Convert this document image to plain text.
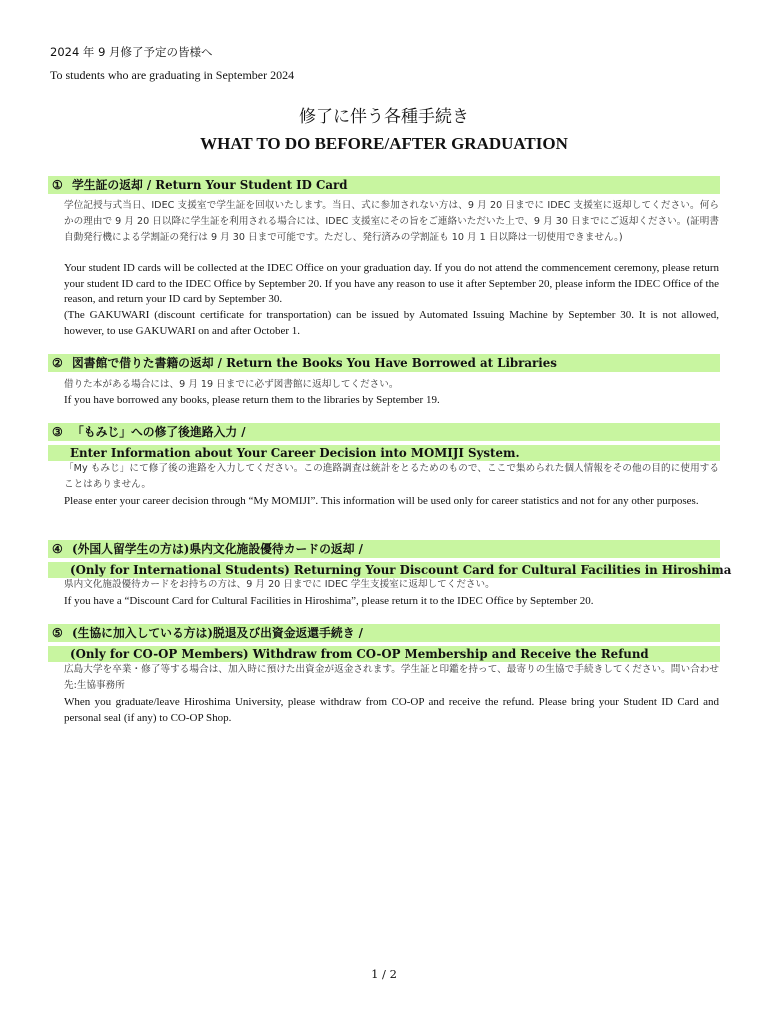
2024 年 9 月修了予定の皆様へ
To students who are graduating in September 2024
修了に伴う各種手続き
WHAT TO DO BEFORE/AFTER GRADUATION
① 学生証の返却 / Return Your Student ID Card
学位記授与式当日、IDEC 支援室で学生証を回収いたします。当日、式に参加されない方は、9 月 20 日までに IDEC 支援室に返却してください。何らかの理由で 9 月 20 日以降に学生証を利用される場合には、IDEC 支援室にその旨をご連絡いただいた上で、9 月 30 日までにご返却ください。(証明書自動発行機による学割証の発行は 9 月 30 日まで可能です。ただし、発行済みの学割証も 10 月 1 日以降は一切使用できません。)
Your student ID cards will be collected at the IDEC Office on your graduation day. If you do not attend the commencement ceremony, please return your student ID card to the IDEC Office by September 20. If you have any reason to use it after September 20, please inform the IDEC Office of the reason, and return your ID card by September 30.
(The GAKUWARI (discount certificate for transportation) can be issued by Automated Issuing Machine by September 30. It is not allowed, however, to use GAKUWARI on and after October 1.
② 図書館で借りた書籍の返却 / Return the Books You Have Borrowed at Libraries
借りた本がある場合には、9 月 19 日までに必ず図書館に返却してください。
If you have borrowed any books, please return them to the libraries by September 19.
③ 「もみじ」への修了後進路入力 /
Enter Information about Your Career Decision into MOMIJI System.
「My もみじ」にて修了後の進路を入力してください。この進路調査は統計をとるためのもので、ここで集められた個人情報をその他の目的に使用することはありません。
Please enter your career decision through “My MOMIJI”. This information will be used only for career statistics and not for any other purposes.
④ (外国人留学生の方は)県内文化施設優待カードの返却 /
(Only for International Students) Returning Your Discount Card for Cultural Facilities in Hiroshima
県内文化施設優待カードをお持ちの方は、9 月 20 日までに IDEC 学生支援室に返却してください。
If you have a “Discount Card for Cultural Facilities in Hiroshima”, please return it to the IDEC Office by September 20.
⑤ (生協に加入している方は)脱退及び出資金返還手続き /
(Only for CO-OP Members) Withdraw from CO-OP Membership and Receive the Refund
広島大学を卒業・修了等する場合は、加入時に預けた出資金が返金されます。学生証と印鑑を持って、最寄りの生協で手続きしてください。問い合わせ先:生協事務所
When you graduate/leave Hiroshima University, please withdraw from CO-OP and receive the refund. Please bring your Student ID Card and personal seal (if any) to CO-OP Shop.
1 / 2
